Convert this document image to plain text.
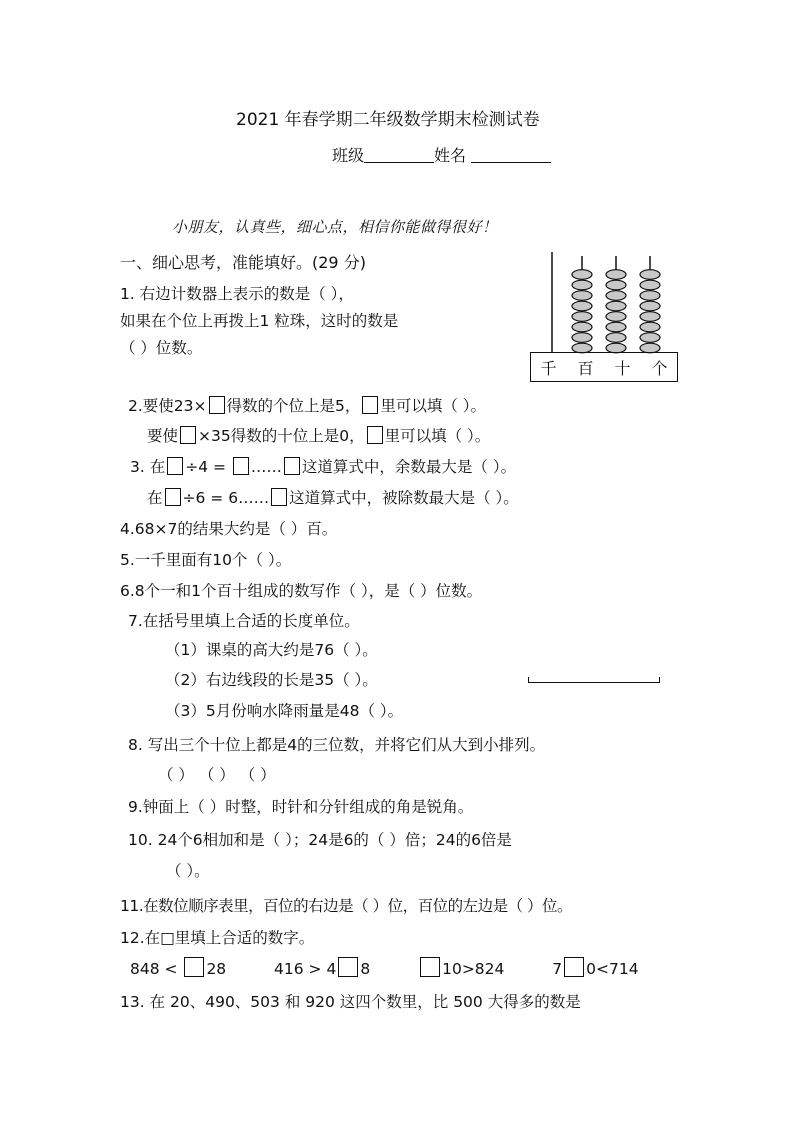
2021 年春学期二年级数学期末检测试卷
班级	姓名
小朋友，认真些，细心点，相信你能做得很好！
一、细心思考，准能填好。(29 分)
千 百 十 个
1. 右边计数器上表示的数是（ ），
如果在个位上再拨上1 粒珠，这时的数是
（ ）位数。
2.要使23× 得数的个位上是5， 里可以填（ ）。
要使 ×35得数的十位上是0， 里可以填（ ）。
3. 在 ÷4 = …… 这道算式中，余数最大是（ ）。
在 ÷6 = 6…… 这道算式中，被除数最大是（ ）。
4.68×7的结果大约是（ ）百。
5.一千里面有10个（ ）。
6.8个一和1个百十组成的数写作（ ），是（ ）位数。
7.在括号里填上合适的长度单位。
（1）课桌的高大约是76（ ）。
（2）右边线段的长是35（ ）。
（3）5月份响水降雨量是48（ ）。
8. 写出三个十位上都是4的三位数，并将它们从大到小排列。
（ ） （ ） （ ）
9.钟面上（ ）时整，时针和分针组成的角是锐角。
10. 24个6相加和是（ ）；24是6的（ ）倍；24的6倍是
（ ）。
11.在数位顺序表里，百位的右边是（ ）位，百位的左边是（ ）位。
12.在□里填上合适的数字。
848 < 28	416 > 4 8	10>824	7 0<714
13. 在 20、490、503 和 920 这四个数里，比 500 大得多的数是
